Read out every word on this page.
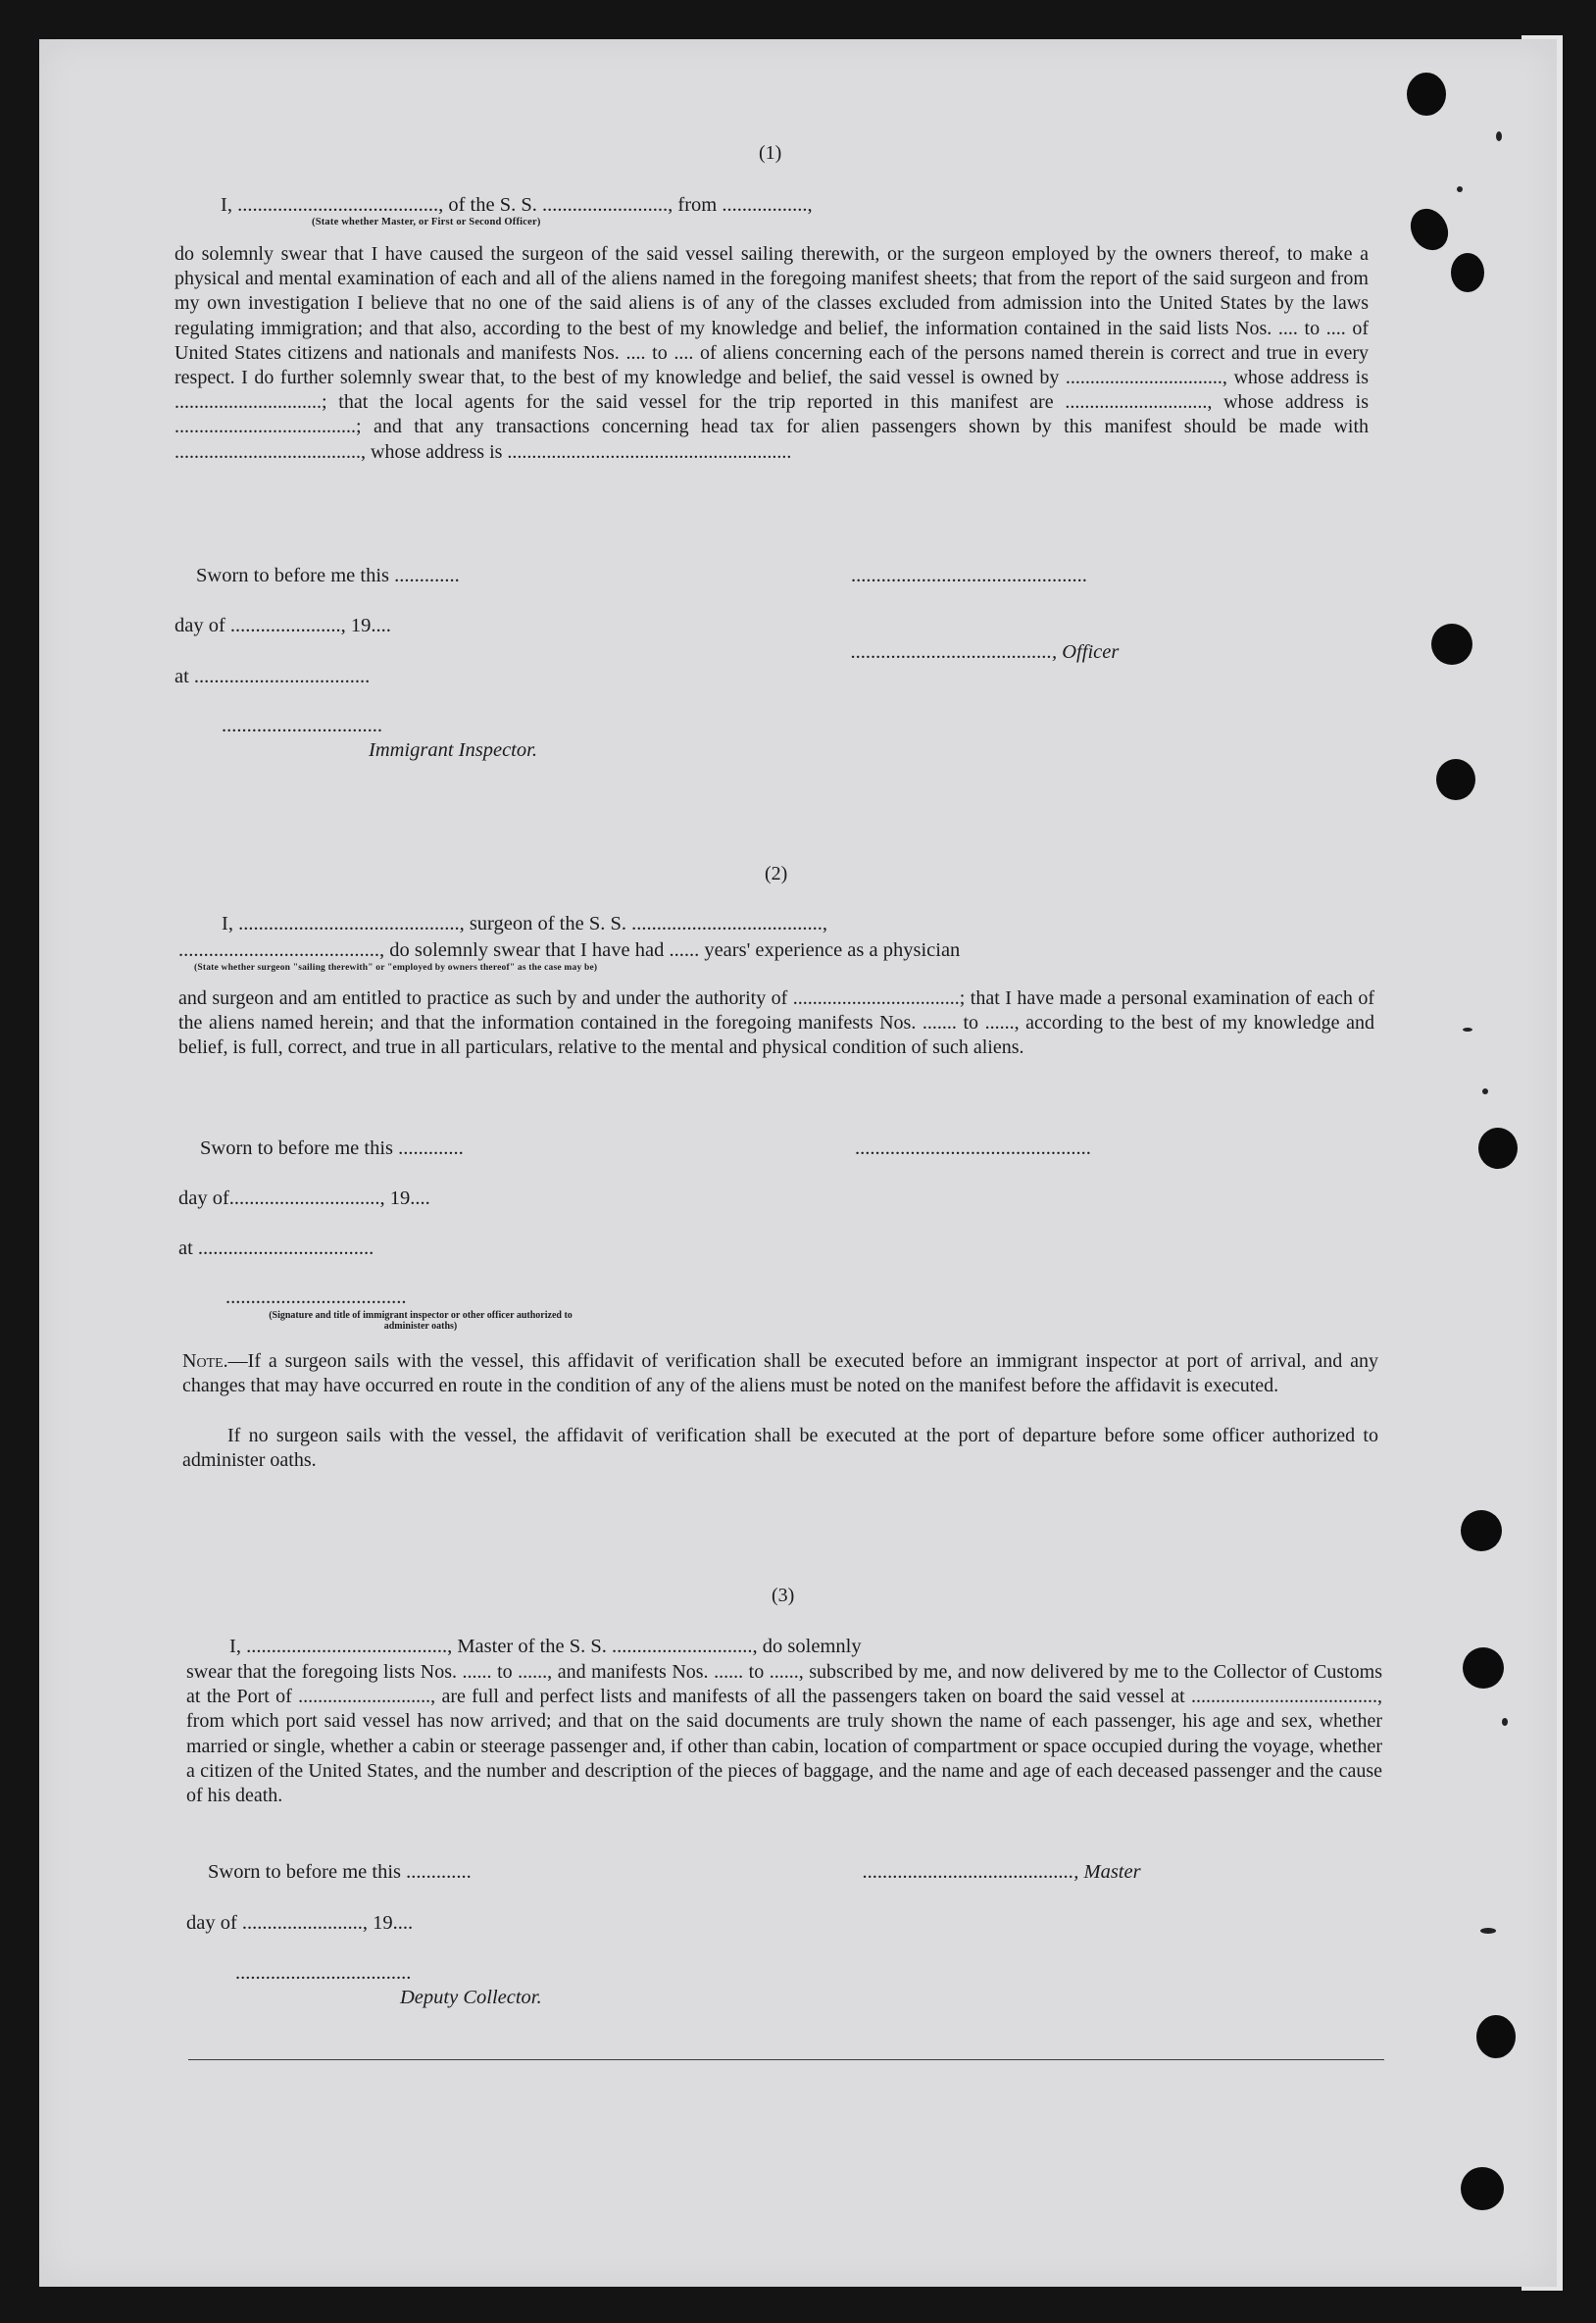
(1)
I, ........................................, of the S. S. ........................., from .................,
(State whether Master, or First or Second Officer)
do solemnly swear that I have caused the surgeon of the said vessel sailing therewith, or the surgeon employed by the owners thereof, to make a physical and mental examination of each and all of the aliens named in the foregoing manifest sheets; that from the report of the said surgeon and from my own investigation I believe that no one of the said aliens is of any of the classes excluded from admission into the United States by the laws regulating immigration; and that also, according to the best of my knowledge and belief, the information contained in the said lists Nos. .... to .... of United States citizens and nationals and manifests Nos. .... to .... of aliens concerning each of the persons named therein is correct and true in every respect. I do further solemnly swear that, to the best of my knowledge and belief, the said vessel is owned by ................................, whose address is ..............................; that the local agents for the said vessel for the trip reported in this manifest are ............................., whose address is .....................................; and that any transactions concerning head tax for alien passengers shown by this manifest should be made with ......................................, whose address is ..........................................................
Sworn to before me this .............	...............................................
day of ......................, 19....
........................................, Officer
at ...................................
................................
Immigrant Inspector.
(2)
I, ............................................, surgeon of the S. S. ......................................,
........................................, do solemnly swear that I have had ...... years' experience as a physician
(State whether surgeon "sailing therewith" or "employed by owners thereof" as the case may be)
and surgeon and am entitled to practice as such by and under the authority of ..................................; that I have made a personal examination of each of the aliens named herein; and that the information contained in the foregoing manifests Nos. ....... to ......, according to the best of my knowledge and belief, is full, correct, and true in all particulars, relative to the mental and physical condition of such aliens.
Sworn to before me this .............	...............................................
day of.............................., 19....
at ...................................
....................................
(Signature and title of immigrant inspector or other officer authorized to administer oaths)
Note.—If a surgeon sails with the vessel, this affidavit of verification shall be executed before an immigrant inspector at port of arrival, and any changes that may have occurred en route in the condition of any of the aliens must be noted on the manifest before the affidavit is executed.
If no surgeon sails with the vessel, the affidavit of verification shall be executed at the port of departure before some officer authorized to administer oaths.
(3)
I, ........................................, Master of the S. S. ............................, do solemnly
swear that the foregoing lists Nos. ...... to ......, and manifests Nos. ...... to ......, subscribed by me, and now delivered by me to the Collector of Customs at the Port of ..........................., are full and perfect lists and manifests of all the passengers taken on board the said vessel at ......................................, from which port said vessel has now arrived; and that on the said documents are truly shown the name of each passenger, his age and sex, whether married or single, whether a cabin or steerage passenger and, if other than cabin, location of compartment or space occupied during the voyage, whether a citizen of the United States, and the number and description of the pieces of baggage, and the name and age of each deceased passenger and the cause of his death.
Sworn to before me this .............	.........................................., Master
day of ........................, 19....
...................................
Deputy Collector.
